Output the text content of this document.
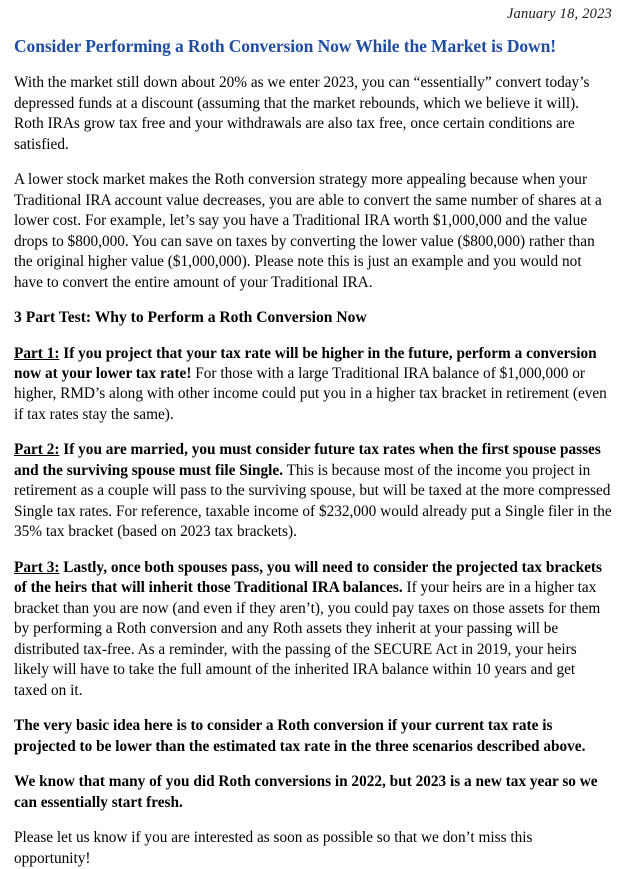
January 18, 2023
Consider Performing a Roth Conversion Now While the Market is Down!

With the market still down about 20% as we enter 2023, you can “essentially” convert today’s depressed funds at a discount (assuming that the market rebounds, which we believe it will). Roth IRAs grow tax free and your withdrawals are also tax free, once certain conditions are satisfied.

A lower stock market makes the Roth conversion strategy more appealing because when your Traditional IRA account value decreases, you are able to convert the same number of shares at a lower cost. For example, let’s say you have a Traditional IRA worth $1,000,000 and the value drops to $800,000. You can save on taxes by converting the lower value ($800,000) rather than the original higher value ($1,000,000). Please note this is just an example and you would not have to convert the entire amount of your Traditional IRA.

3 Part Test: Why to Perform a Roth Conversion Now

Part 1: If you project that your tax rate will be higher in the future, perform a conversion now at your lower tax rate! For those with a large Traditional IRA balance of $1,000,000 or higher, RMD’s along with other income could put you in a higher tax bracket in retirement (even if tax rates stay the same).

Part 2: If you are married, you must consider future tax rates when the first spouse passes and the surviving spouse must file Single. This is because most of the income you project in retirement as a couple will pass to the surviving spouse, but will be taxed at the more compressed Single tax rates. For reference, taxable income of $232,000 would already put a Single filer in the 35% tax bracket (based on 2023 tax brackets).

Part 3: Lastly, once both spouses pass, you will need to consider the projected tax brackets of the heirs that will inherit those Traditional IRA balances. If your heirs are in a higher tax bracket than you are now (and even if they aren’t), you could pay taxes on those assets for them by performing a Roth conversion and any Roth assets they inherit at your passing will be distributed tax-free. As a reminder, with the passing of the SECURE Act in 2019, your heirs likely will have to take the full amount of the inherited IRA balance within 10 years and get taxed on it.

The very basic idea here is to consider a Roth conversion if your current tax rate is projected to be lower than the estimated tax rate in the three scenarios described above.

We know that many of you did Roth conversions in 2022, but 2023 is a new tax year so we can essentially start fresh.

Please let us know if you are interested as soon as possible so that we don’t miss this opportunity!
